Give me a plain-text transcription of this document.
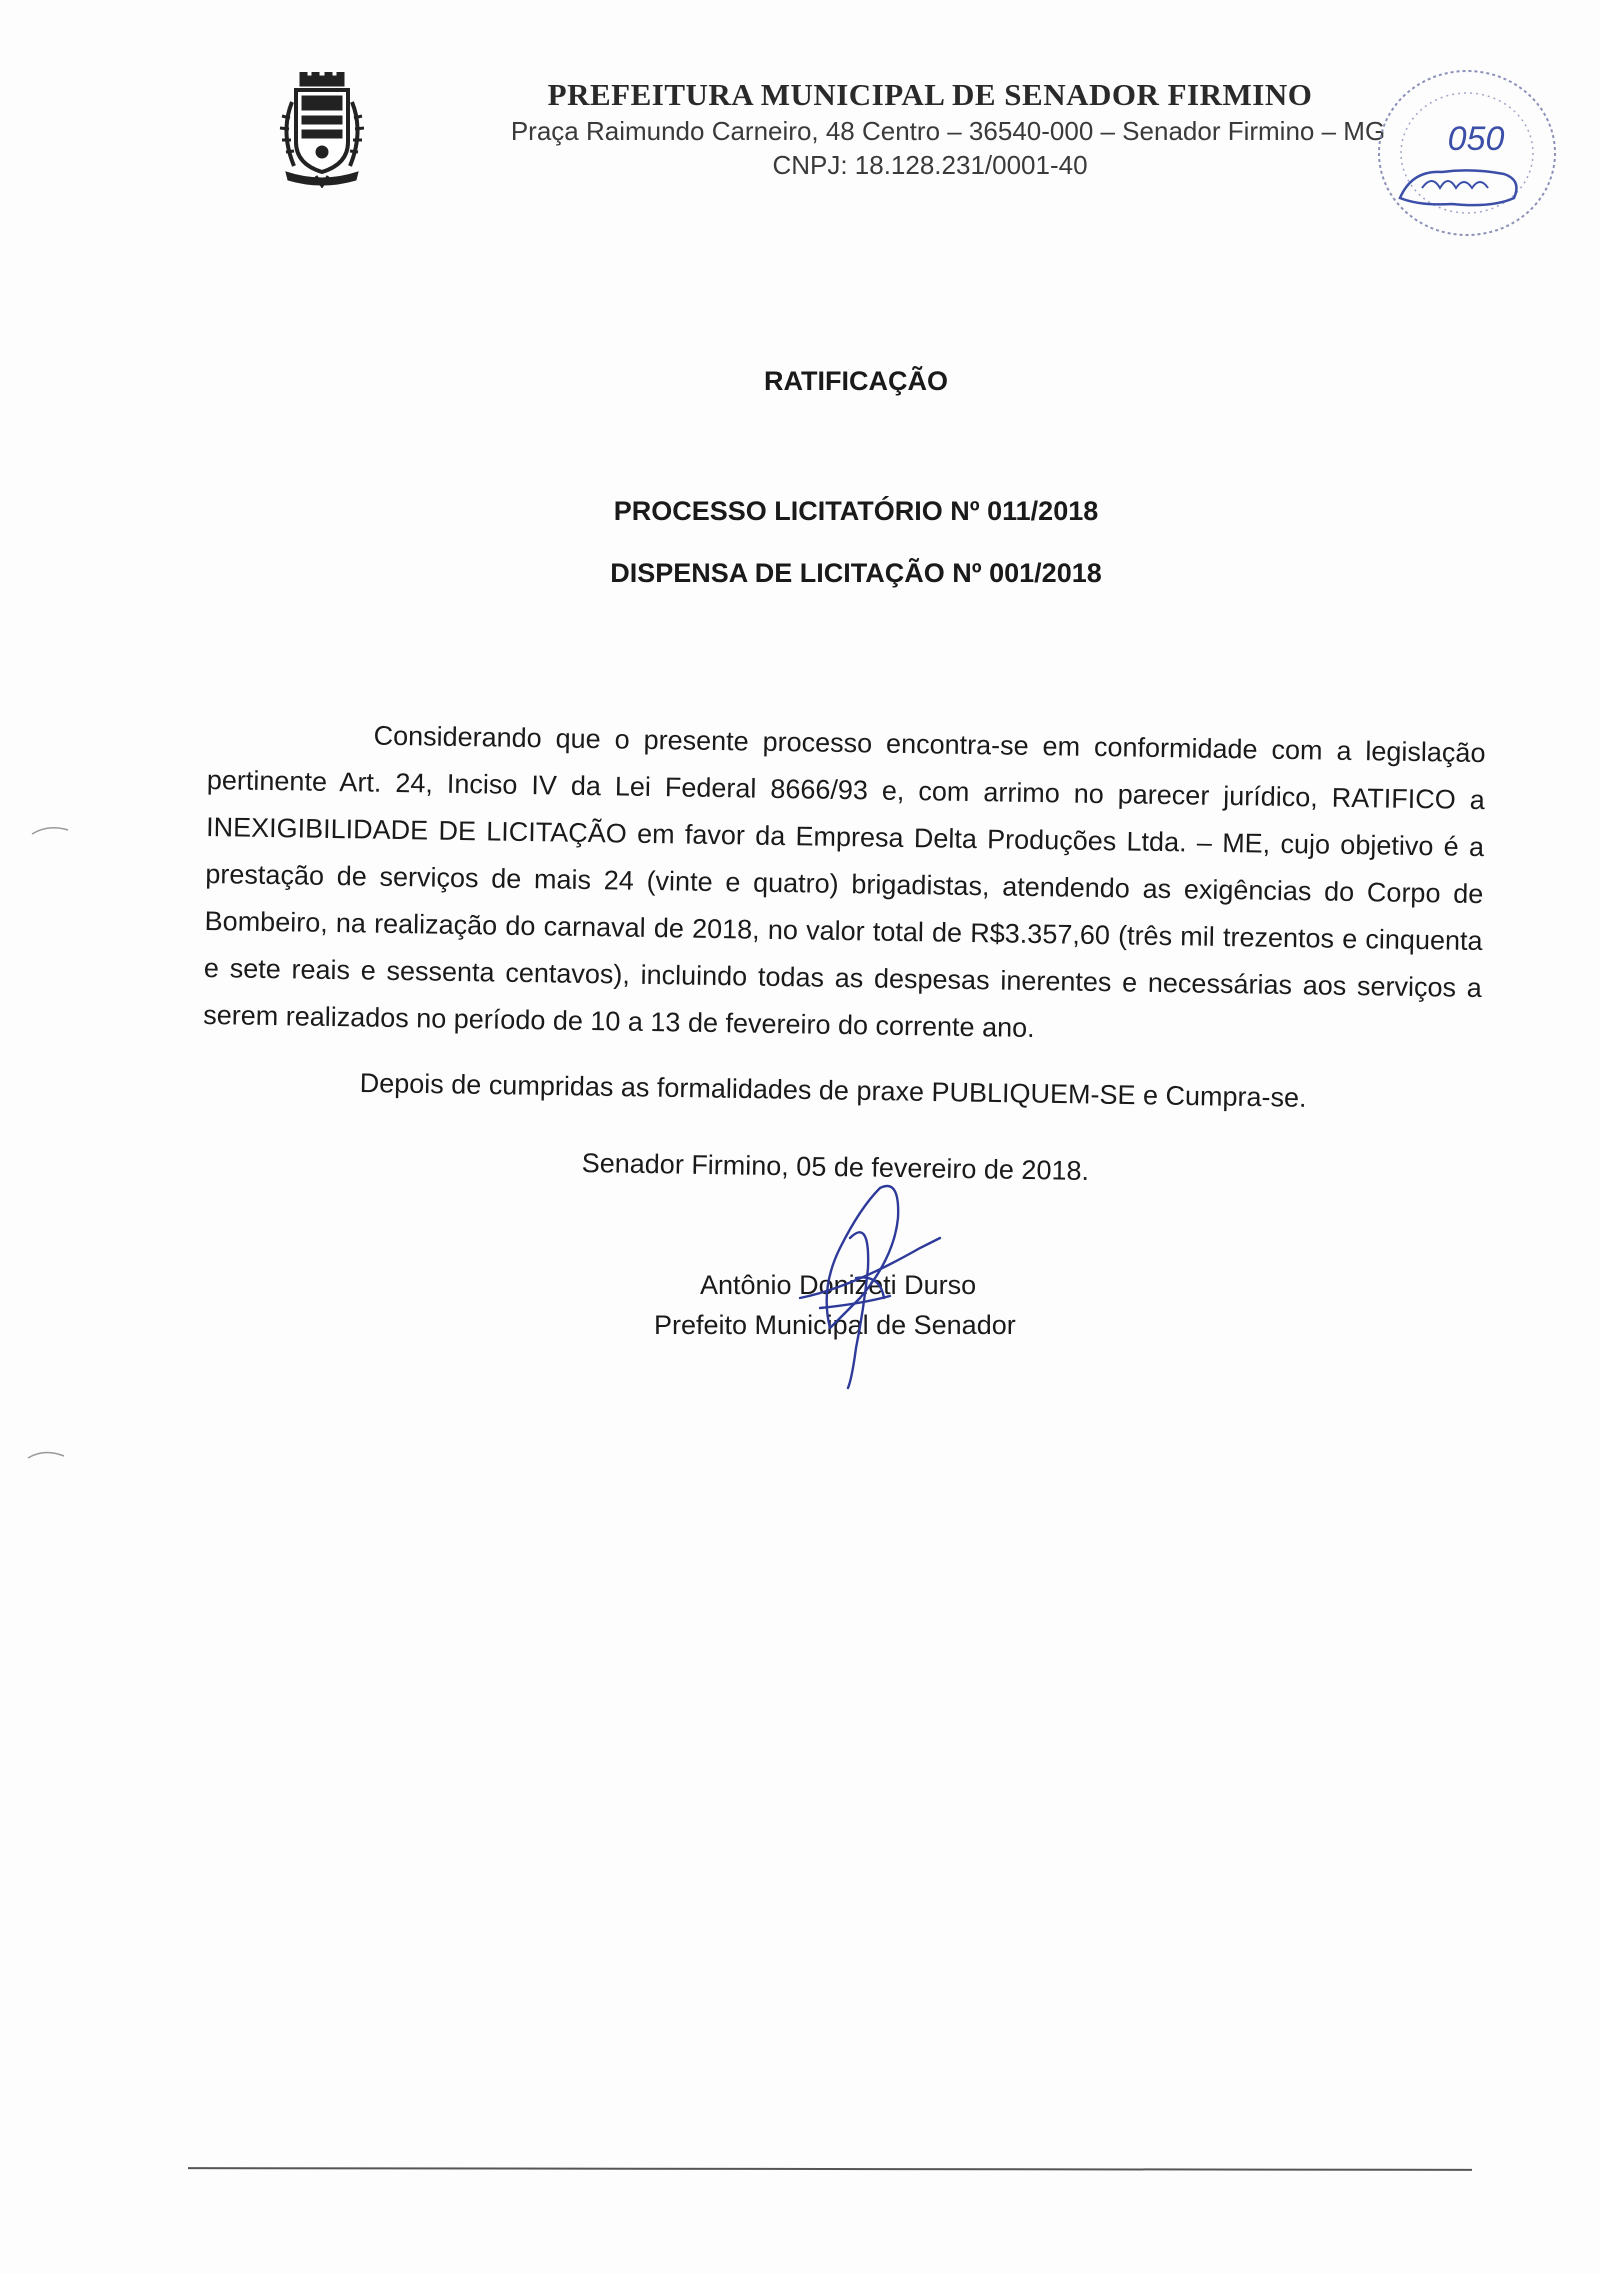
PREFEITURA MUNICIPAL DE SENADOR FIRMINO
Praça Raimundo Carneiro, 48 Centro – 36540-000 – Senador Firmino – MG
CNPJ: 18.128.231/0001-40
050
RATIFICAÇÃO
PROCESSO LICITATÓRIO Nº 011/2018
DISPENSA DE LICITAÇÃO Nº 001/2018
Considerando que o presente processo encontra-se em conformidade com a legislação pertinente Art. 24, Inciso IV da Lei Federal 8666/93 e, com arrimo no parecer jurídico, RATIFICO a INEXIGIBILIDADE DE LICITAÇÃO em favor da Empresa Delta Produções Ltda. – ME, cujo objetivo é a prestação de serviços de mais 24 (vinte e quatro) brigadistas, atendendo as exigências do Corpo de Bombeiro, na realização do carnaval de 2018, no valor total de R$3.357,60 (três mil trezentos e cinquenta e sete reais e sessenta centavos), incluindo todas as despesas inerentes e necessárias aos serviços a serem realizados no período de 10 a 13 de fevereiro do corrente ano.
Depois de cumpridas as formalidades de praxe PUBLIQUEM-SE e Cumpra-se.
Senador Firmino, 05 de fevereiro de 2018.
Antônio Donizeti Durso
Prefeito Municipal de Senador
